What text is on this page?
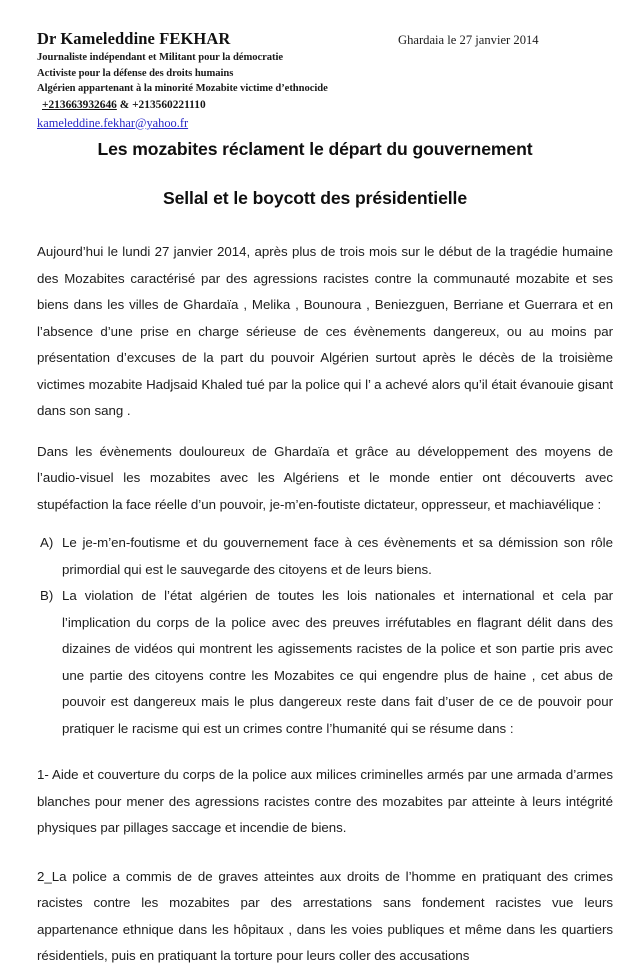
Dr Kameleddine FEKHAR
Journaliste indépendant et Militant pour la démocratie
Activiste pour la défense des droits humains
Algérien appartenant à la minorité Mozabite victime d’ethnocide
+213663932646 & +213560221110
kameleddine.fekhar@yahoo.fr
Ghardaia le 27 janvier 2014
Les mozabites réclament le départ du gouvernement
Sellal et le boycott des présidentielle

Aujourd’hui le lundi 27 janvier 2014, après plus de trois mois sur le début de la tragédie humaine des Mozabites caractérisé par des agressions racistes contre la communauté mozabite et ses biens dans les villes de Ghardaïa , Melika , Bounoura , Beniezguen, Berriane et Guerrara et en l’absence d’une prise en charge sérieuse de ces évènements dangereux, ou au moins par présentation d’excuses de la part du pouvoir Algérien surtout après le décès de la troisième victimes mozabite Hadjsaid Khaled tué par la police qui l’ a achevé alors qu’il était évanouie gisant dans son sang .

Dans les évènements douloureux de Ghardaïa et grâce au développement des moyens de l’audio-visuel les mozabites avec les Algériens et le monde entier ont découverts avec stupéfaction la face réelle d’un pouvoir, je-m’en-foutiste dictateur, oppresseur, et machiavélique :

A) Le je-m’en-foutisme et du gouvernement face à ces évènements et sa démission son rôle primordial qui est le sauvegarde des citoyens et de leurs biens.
B) La violation de l’état algérien de toutes les lois nationales et international et cela par l’implication du corps de la police avec des preuves irréfutables en flagrant délit dans des dizaines de vidéos qui montrent les agissements racistes de la police et son partie pris avec une partie des citoyens contre les Mozabites ce qui engendre plus de haine , cet abus de pouvoir est dangereux mais le plus dangereux reste dans fait d’user de ce de pouvoir pour pratiquer le racisme qui est un crimes contre l’humanité qui se résume dans :

1- Aide et couverture du corps de la police aux milices criminelles armés par une armada d’armes blanches pour mener des agressions racistes contre des mozabites par atteinte à leurs intégrité physiques par pillages saccage et incendie de biens.

2_La police a commis de de graves atteintes aux droits de l’homme en pratiquant des crimes racistes contre les mozabites par des arrestations sans fondement racistes vue leurs appartenance ethnique dans les hôpitaux , dans les voies publiques et même dans les quartiers résidentiels, puis en pratiquant la torture pour leurs coller des accusations
